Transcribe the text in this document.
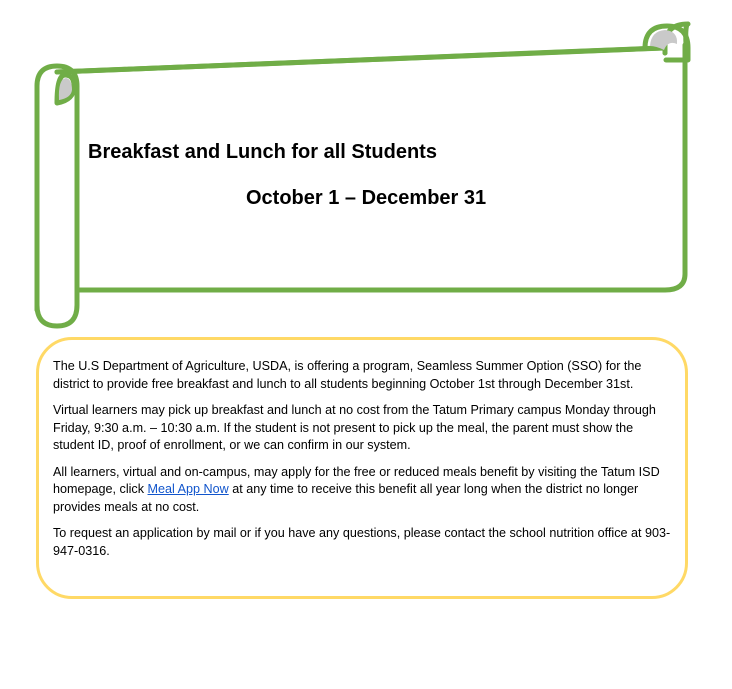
Breakfast and Lunch for all Students
October 1 – December 31

The U.S Department of Agriculture, USDA, is offering a program, Seamless Summer Option (SSO) for the district to provide free breakfast and lunch to all students beginning October 1st through December 31st.

Virtual learners may pick up breakfast and lunch at no cost from the Tatum Primary campus Monday through Friday, 9:30 a.m. – 10:30 a.m. If the student is not present to pick up the meal, the parent must show the student ID, proof of enrollment, or we can confirm in our system.

All learners, virtual and on-campus, may apply for the free or reduced meals benefit by visiting the Tatum ISD homepage, click Meal App Now at any time to receive this benefit all year long when the district no longer provides meals at no cost.

To request an application by mail or if you have any questions, please contact the school nutrition office at 903-947-0316.
